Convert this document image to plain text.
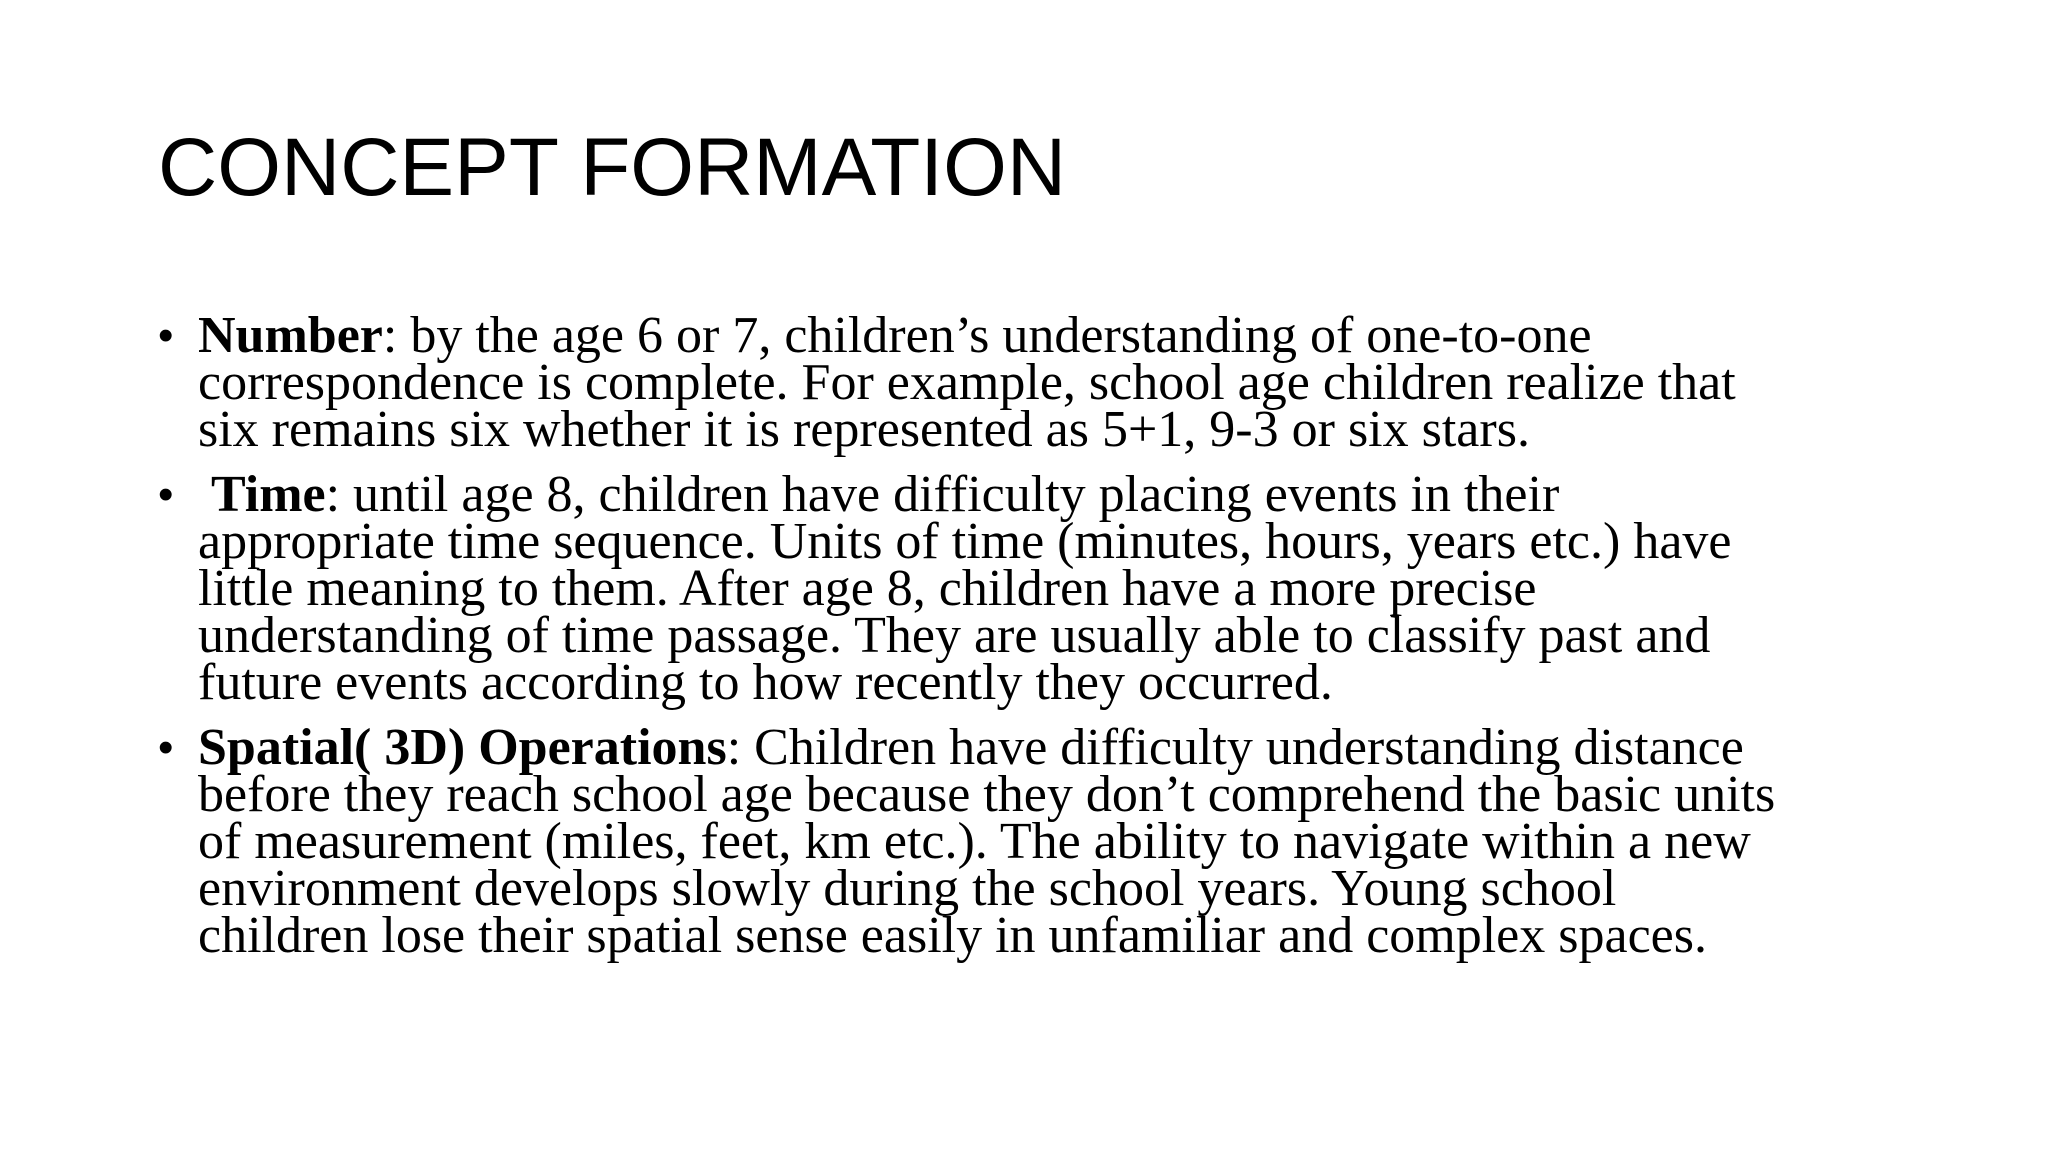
CONCEPT FORMATION
• Number: by the age 6 or 7, children’s understanding of one-to-one
correspondence is complete. For example, school age children realize that
six remains six whether it is represented as 5+1, 9-3 or six stars.
• Time: until age 8, children have difficulty placing events in their
appropriate time sequence. Units of time (minutes, hours, years etc.) have
little meaning to them. After age 8, children have a more precise
understanding of time passage. They are usually able to classify past and
future events according to how recently they occurred.
• Spatial( 3D) Operations: Children have difficulty understanding distance
before they reach school age because they don’t comprehend the basic units
of measurement (miles, feet, km etc.). The ability to navigate within a new
environment develops slowly during the school years. Young school
children lose their spatial sense easily in unfamiliar and complex spaces.
